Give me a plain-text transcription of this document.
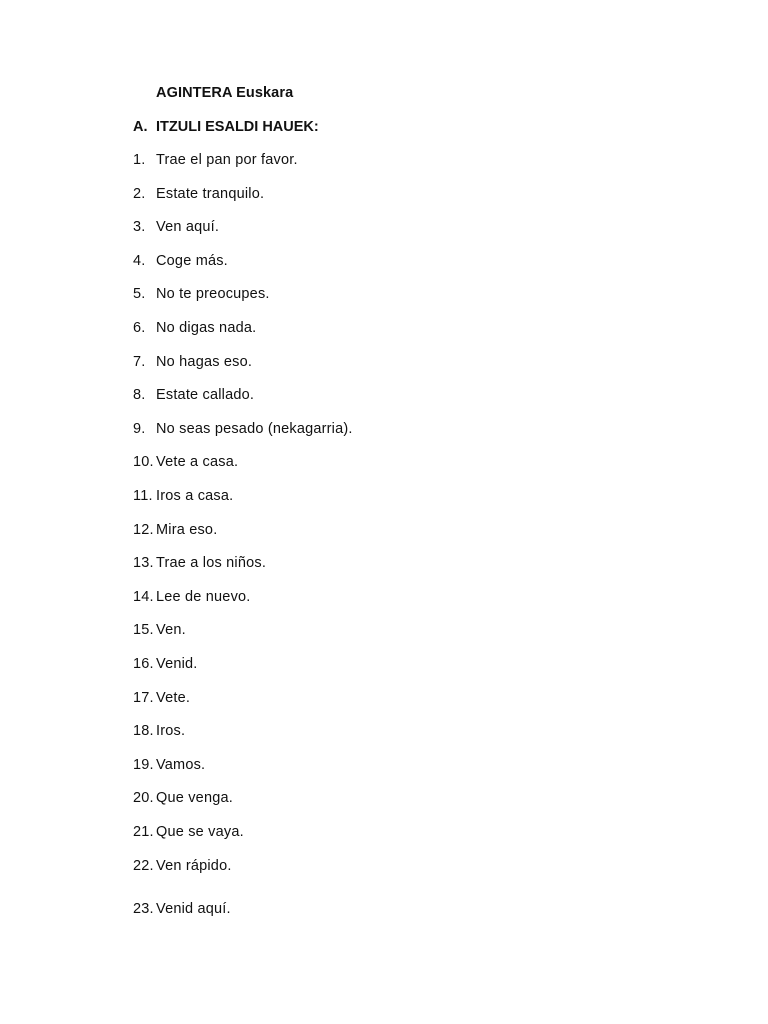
AGINTERA Euskara
A. ITZULI ESALDI HAUEK:
1. Trae el pan por favor.
2. Estate tranquilo.
3. Ven aquí.
4. Coge más.
5. No te preocupes.
6. No digas nada.
7. No hagas eso.
8. Estate callado.
9. No seas pesado (nekagarria).
10. Vete a casa.
11. Iros a casa.
12. Mira eso.
13. Trae a los niños.
14. Lee de nuevo.
15. Ven.
16. Venid.
17. Vete.
18. Iros.
19. Vamos.
20. Que venga.
21. Que se vaya.
22. Ven rápido.
23. Venid aquí.
